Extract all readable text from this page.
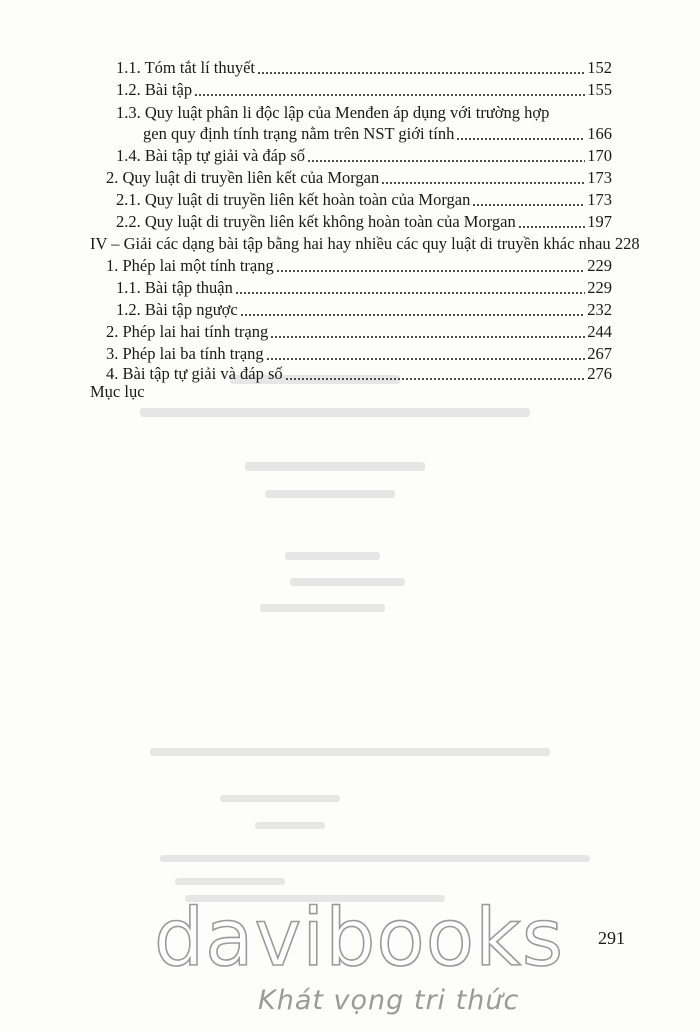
1.1. Tóm tắt lí thuyết	152
1.2. Bài tập	155
1.3. Quy luật phân li độc lập của Menđen áp dụng với trường hợp
gen quy định tính trạng nằm trên NST giới tính	166
1.4. Bài tập tự giải và đáp số	170
2. Quy luật di truyền liên kết của Morgan	173
2.1. Quy luật di truyền liên kết hoàn toàn của Morgan	173
2.2. Quy luật di truyền liên kết không hoàn toàn của Morgan	197
IV – Giải các dạng bài tập bằng hai hay nhiều các quy luật di truyền khác nhau 228
1. Phép lai một tính trạng	229
1.1. Bài tập thuận	229
1.2. Bài tập ngược	232
2. Phép lai hai tính trạng	244
3. Phép lai ba tính trạng	267
4. Bài tập tự giải và đáp số	276
Mục lục
291
davibooks
Khát vọng tri thức
